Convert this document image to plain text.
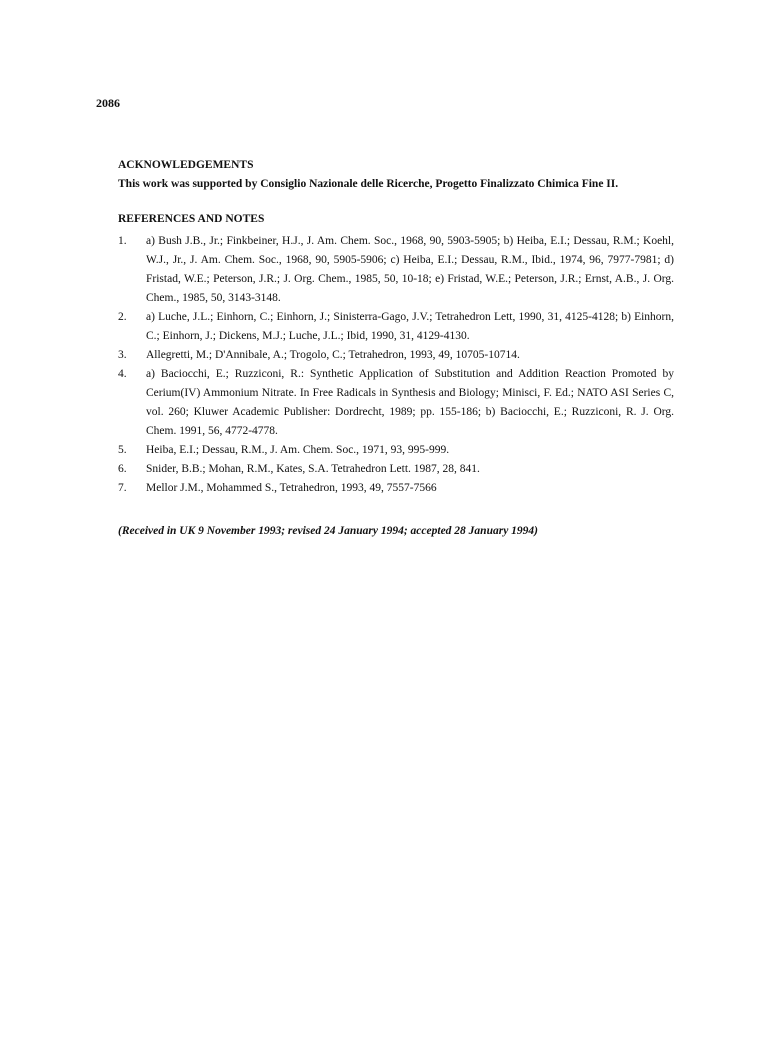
2086
ACKNOWLEDGEMENTS
This work was supported by Consiglio Nazionale delle Ricerche, Progetto Finalizzato Chimica Fine II.
REFERENCES AND NOTES
1. a) Bush J.B., Jr.; Finkbeiner, H.J., J. Am. Chem. Soc., 1968, 90, 5903-5905; b) Heiba, E.I.; Dessau, R.M.; Koehl, W.J., Jr., J. Am. Chem. Soc., 1968, 90, 5905-5906; c) Heiba, E.I.; Dessau, R.M., Ibid., 1974, 96, 7977-7981; d) Fristad, W.E.; Peterson, J.R.; J. Org. Chem., 1985, 50, 10-18; e) Fristad, W.E.; Peterson, J.R.; Ernst, A.B., J. Org. Chem., 1985, 50, 3143-3148.
2. a) Luche, J.L.; Einhorn, C.; Einhorn, J.; Sinisterra-Gago, J.V.; Tetrahedron Lett, 1990, 31, 4125-4128; b) Einhorn, C.; Einhorn, J.; Dickens, M.J.; Luche, J.L.; Ibid, 1990, 31, 4129-4130.
3. Allegretti, M.; D'Annibale, A.; Trogolo, C.; Tetrahedron, 1993, 49, 10705-10714.
4. a) Baciocchi, E.; Ruzziconi, R.: Synthetic Application of Substitution and Addition Reaction Promoted by Cerium(IV) Ammonium Nitrate. In Free Radicals in Synthesis and Biology; Minisci, F. Ed.; NATO ASI Series C, vol. 260; Kluwer Academic Publisher: Dordrecht, 1989; pp. 155-186; b) Baciocchi, E.; Ruzziconi, R. J. Org. Chem. 1991, 56, 4772-4778.
5. Heiba, E.I.; Dessau, R.M., J. Am. Chem. Soc., 1971, 93, 995-999.
6. Snider, B.B.; Mohan, R.M., Kates, S.A. Tetrahedron Lett. 1987, 28, 841.
7. Mellor J.M., Mohammed S., Tetrahedron, 1993, 49, 7557-7566
(Received in UK 9 November 1993; revised 24 January 1994; accepted 28 January 1994)
